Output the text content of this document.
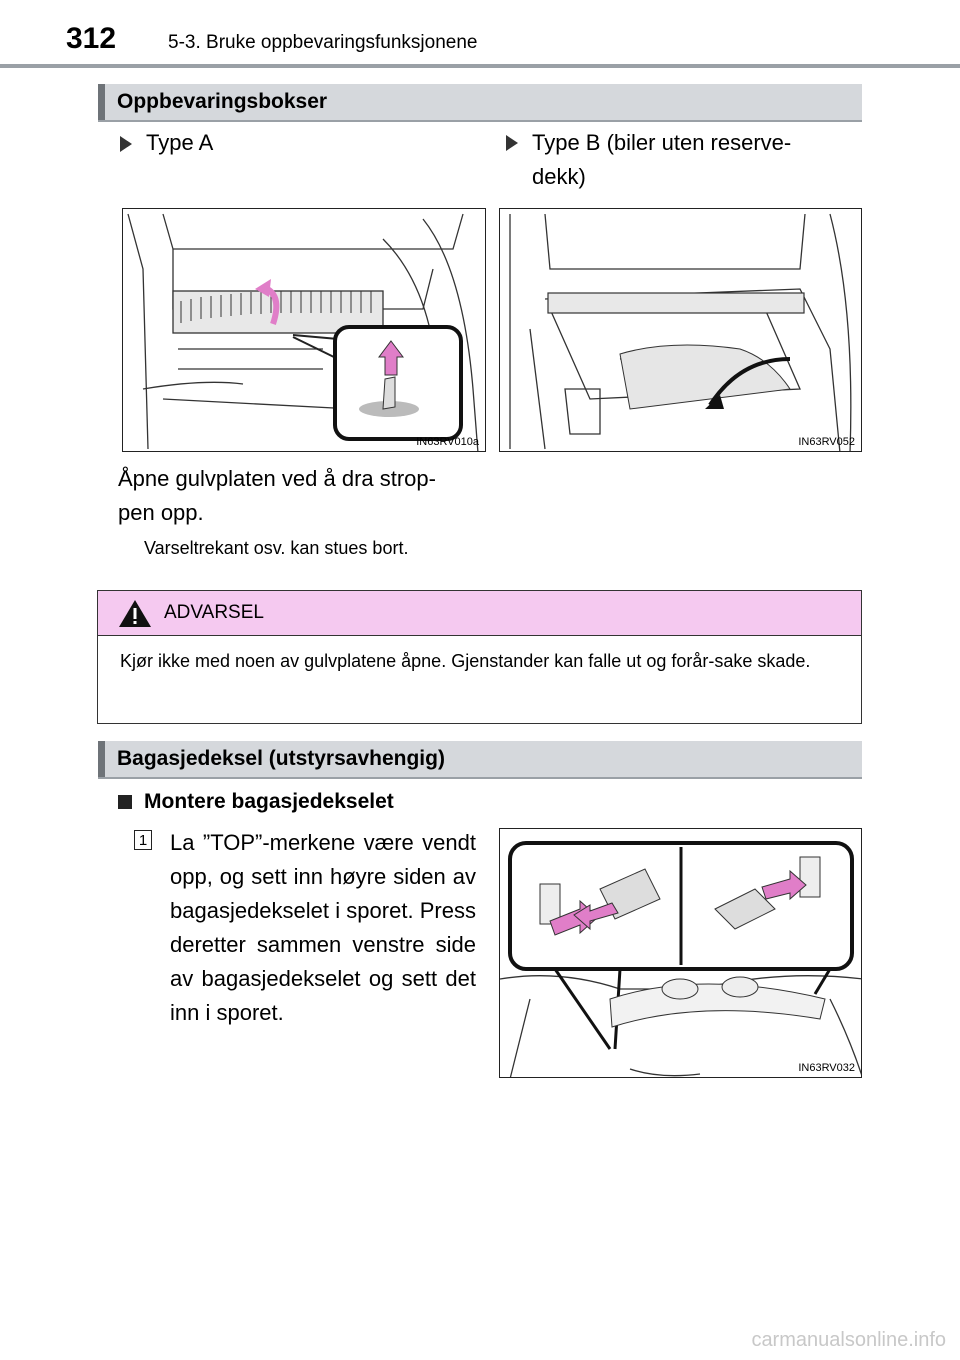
312	5-3. Bruke oppbevaringsfunksjonene
Oppbevaringsbokser
Type A	Type B (biler uten reserve-
dekk)
IN63RV010a	IN63RV052
Åpne gulvplaten ved å dra strop-
pen opp.
Varseltrekant osv. kan stues bort.
ADVARSEL
Kjør ikke med noen av gulvplatene åpne. Gjenstander kan falle ut og forår-sake skade.
Bagasjedeksel (utstyrsavhengig)
Montere bagasjedekselet
1 La ”TOP”-merkene være vendt opp, og sett inn høyre siden av bagasjedekselet i sporet. Press deretter sammen venstre side av bagasjedekselet og sett det inn i sporet.
IN63RV032
carmanualsonline.info
